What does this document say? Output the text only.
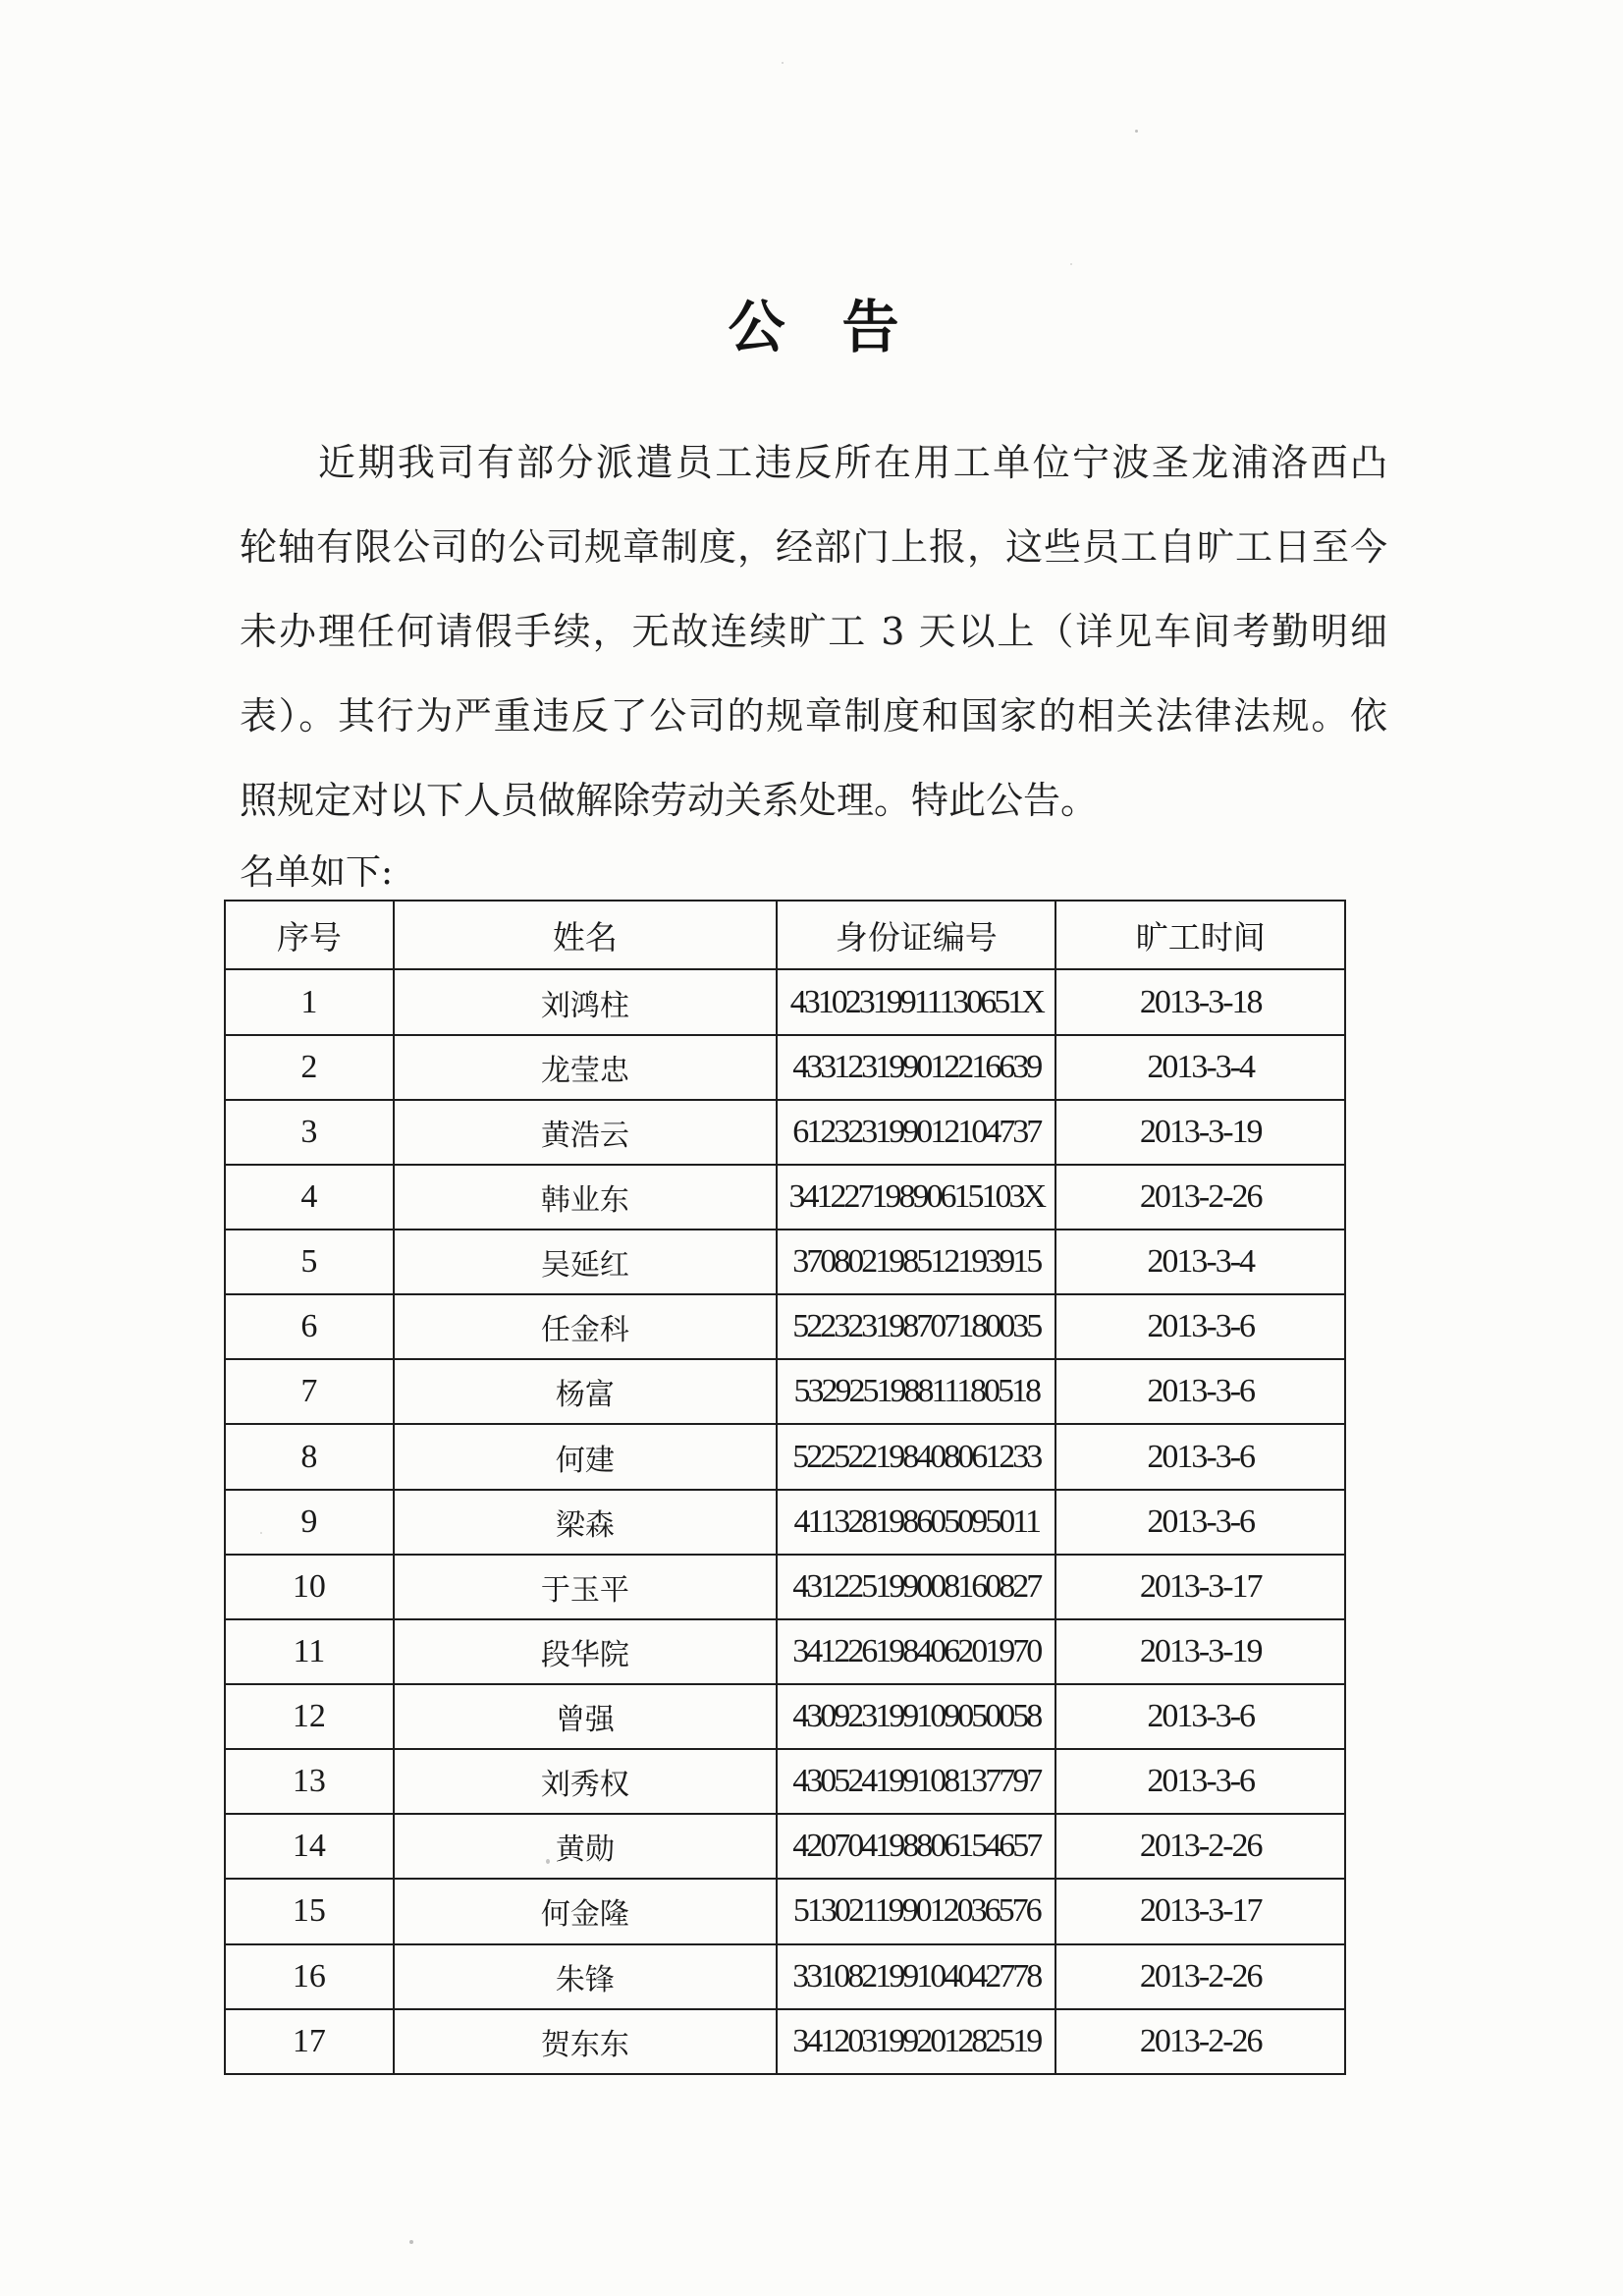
公　告
近期我司有部分派遣员工违反所在用工单位宁波圣龙浦洛西凸
轮轴有限公司的公司规章制度，经部门上报，这些员工自旷工日至今
未办理任何请假手续，无故连续旷工 3 天以上（详见车间考勤明细
表）。其行为严重违反了公司的规章制度和国家的相关法律法规。依
照规定对以下人员做解除劳动关系处理。特此公告。
名单如下:
序号	姓名	身份证编号	旷工时间
1	刘鸿柱	43102319911130651X	2013-3-18
2	龙莹忠	433123199012216639	2013-3-4
3	黄浩云	612323199012104737	2013-3-19
4	韩业东	34122719890615103X	2013-2-26
5	吴延红	370802198512193915	2013-3-4
6	任金科	522323198707180035	2013-3-6
7	杨富	532925198811180518	2013-3-6
8	何建	522522198408061233	2013-3-6
9	梁森	411328198605095011	2013-3-6
10	于玉平	431225199008160827	2013-3-17
11	段华院	341226198406201970	2013-3-19
12	曾强	430923199109050058	2013-3-6
13	刘秀权	430524199108137797	2013-3-6
14	黄勋	420704198806154657	2013-2-26
15	何金隆	513021199012036576	2013-3-17
16	朱锋	331082199104042778	2013-2-26
17	贺东东	341203199201282519	2013-2-26
